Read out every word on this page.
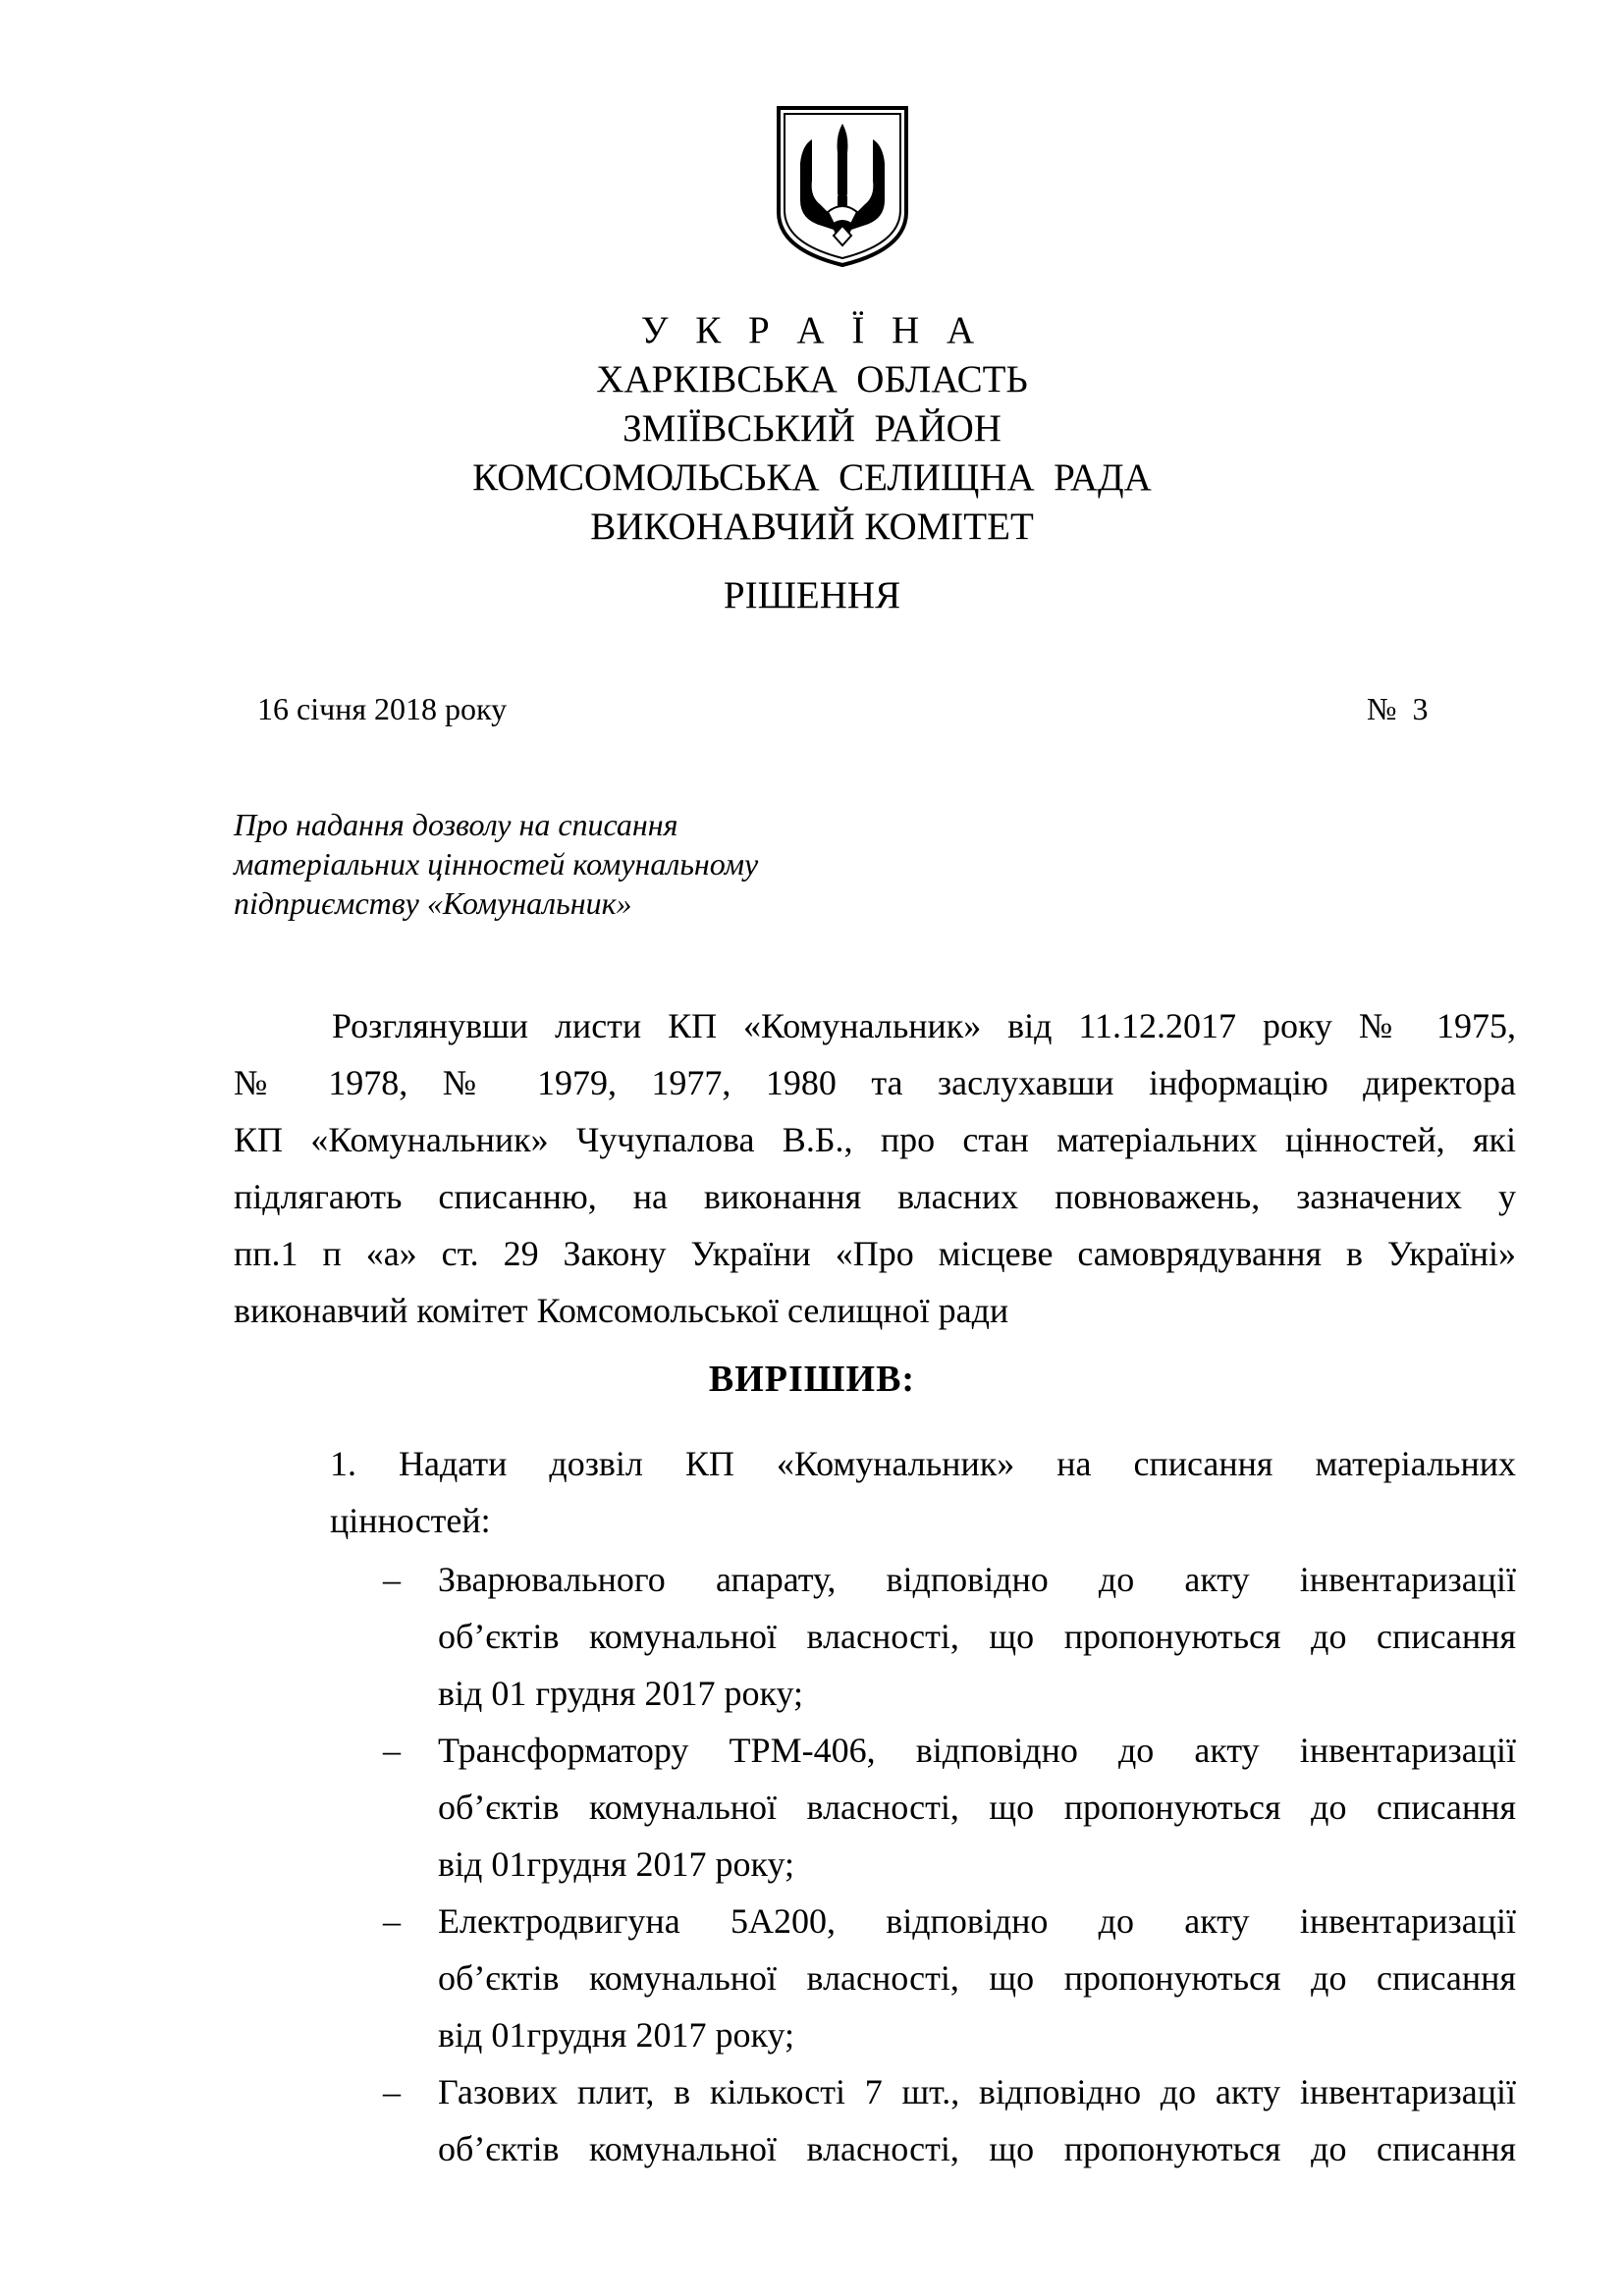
У К Р А Ї Н А
ХАРКІВСЬКА  ОБЛАСТЬ
ЗМІЇВСЬКИЙ  РАЙОН
КОМСОМОЛЬСЬКА  СЕЛИЩНА  РАДА
ВИКОНАВЧИЙ КОМІТЕТ
РІШЕННЯ
16 січня 2018 року	№  3
Про надання дозволу на списання
матеріальних цінностей комунальному
підприємству «Комунальник»
Розглянувши листи КП «Комунальник» від 11.12.2017 року № 1975,
№ 1978, № 1979, 1977, 1980 та заслухавши інформацію директора
КП «Комунальник» Чучупалова В.Б., про стан матеріальних цінностей, які
підлягають списанню, на виконання власних повноважень, зазначених у
пп.1 п «а» ст. 29 Закону України «Про місцеве самоврядування в Україні»
виконавчий комітет Комсомольської селищної ради
ВИРІШИВ:
1. Надати дозвіл КП «Комунальник» на списання матеріальних
цінностей:
–	Зварювального апарату, відповідно до акту інвентаризації
об’єктів комунальної власності, що пропонуються до списання
від 01 грудня 2017 року;
–	Трансформатору ТРМ-406, відповідно до акту інвентаризації
об’єктів комунальної власності, що пропонуються до списання
від 01грудня 2017 року;
–	Електродвигуна 5А200, відповідно до акту інвентаризації
об’єктів комунальної власності, що пропонуються до списання
від 01грудня 2017 року;
–	Газових плит, в кількості 7 шт., відповідно до акту інвентаризації
об’єктів комунальної власності, що пропонуються до списання
